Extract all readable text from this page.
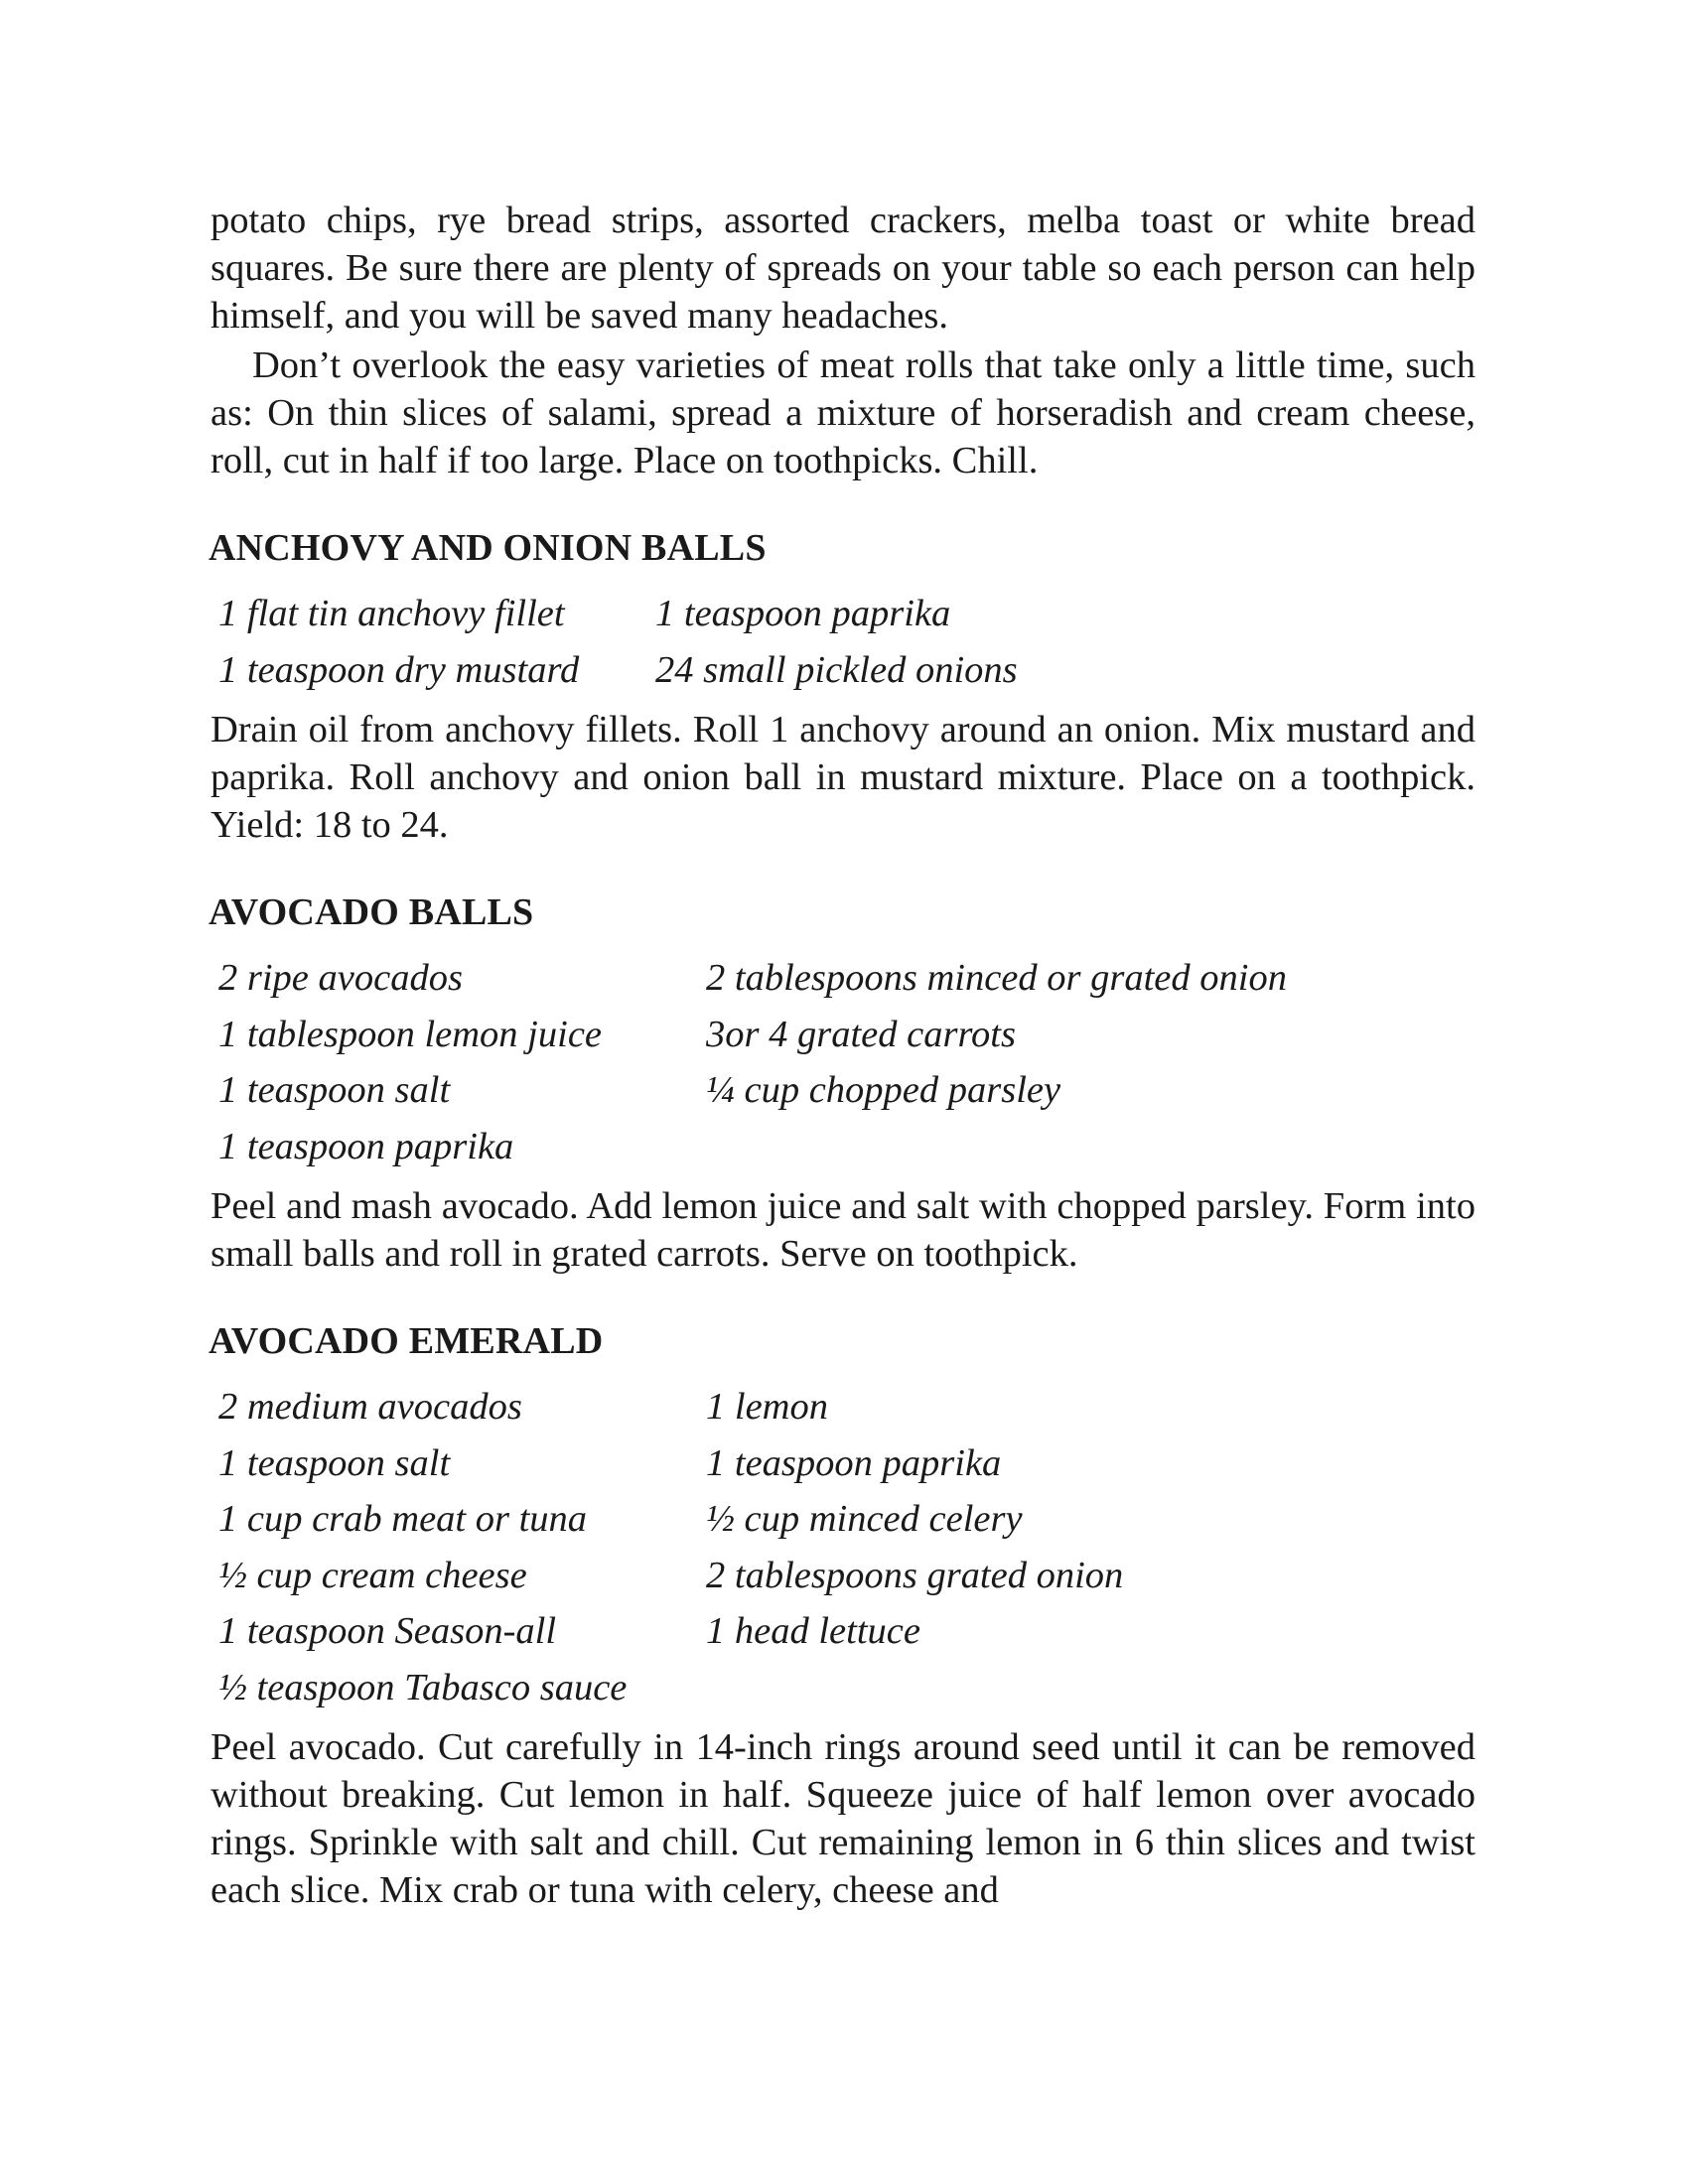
potato chips, rye bread strips, assorted crackers, melba toast or white bread squares. Be sure there are plenty of spreads on your table so each person can help himself, and you will be saved many headaches.

Don’t overlook the easy varieties of meat rolls that take only a little time, such as: On thin slices of salami, spread a mixture of horseradish and cream cheese, roll, cut in half if too large. Place on toothpicks. Chill.

ANCHOVY AND ONION BALLS
1 flat tin anchovy fillet	1 teaspoon paprika
1 teaspoon dry mustard	24 small pickled onions

Drain oil from anchovy fillets. Roll 1 anchovy around an onion. Mix mustard and paprika. Roll anchovy and onion ball in mustard mixture. Place on a toothpick. Yield: 18 to 24.

AVOCADO BALLS
2 ripe avocados	2 tablespoons minced or grated onion
1 tablespoon lemon juice	3or 4 grated carrots
1 teaspoon salt	¼ cup chopped parsley
1 teaspoon paprika

Peel and mash avocado. Add lemon juice and salt with chopped parsley. Form into small balls and roll in grated carrots. Serve on toothpick.

AVOCADO EMERALD
2 medium avocados	1 lemon
1 teaspoon salt	1 teaspoon paprika
1 cup crab meat or tuna	½ cup minced celery
½ cup cream cheese	2 tablespoons grated onion
1 teaspoon Season-all	1 head lettuce
½ teaspoon Tabasco sauce

Peel avocado. Cut carefully in 14-inch rings around seed until it can be removed without breaking. Cut lemon in half. Squeeze juice of half lemon over avocado rings. Sprinkle with salt and chill. Cut remaining lemon in 6 thin slices and twist each slice. Mix crab or tuna with celery, cheese and
